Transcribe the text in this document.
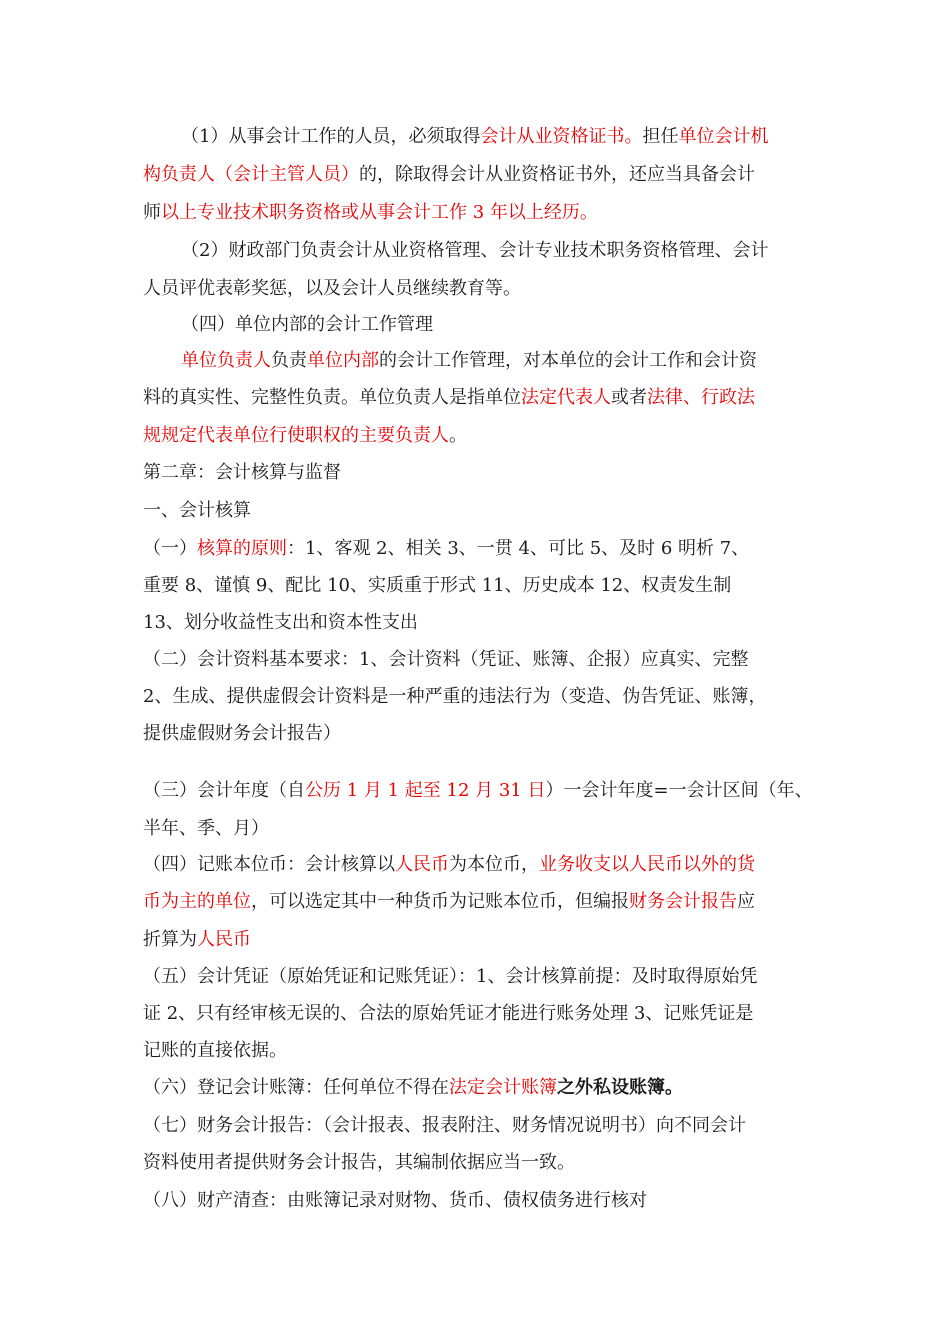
（1）从事会计工作的人员，必须取得会计从业资格证书。担任单位会计机
构负责人（会计主管人员）的，除取得会计从业资格证书外，还应当具备会计
师以上专业技术职务资格或从事会计工作 3 年以上经历。
（2）财政部门负责会计从业资格管理、会计专业技术职务资格管理、会计
人员评优表彰奖惩，以及会计人员继续教育等。
（四）单位内部的会计工作管理
单位负责人负责单位内部的会计工作管理，对本单位的会计工作和会计资
料的真实性、完整性负责。单位负责人是指单位法定代表人或者法律、行政法
规规定代表单位行使职权的主要负责人。
第二章：会计核算与监督
一、会计核算
（一）核算的原则：1、客观 2、相关 3、一贯 4、可比 5、及时 6 明析 7、
重要 8、谨慎 9、配比 10、实质重于形式 11、历史成本 12、权责发生制
13、划分收益性支出和资本性支出
（二）会计资料基本要求：1、会计资料（凭证、账簿、企报）应真实、完整
2、生成、提供虚假会计资料是一种严重的违法行为（变造、伪告凭证、账簿，
提供虚假财务会计报告）
（三）会计年度（自公历 1 月 1 起至 12 月 31 日）一会计年度=一会计区间（年、
半年、季、月）
（四）记账本位币：会计核算以人民币为本位币，业务收支以人民币以外的货
币为主的单位，可以选定其中一种货币为记账本位币，但编报财务会计报告应
折算为人民币
（五）会计凭证（原始凭证和记账凭证）：1、会计核算前提：及时取得原始凭
证 2、只有经审核无误的、合法的原始凭证才能进行账务处理 3、记账凭证是
记账的直接依据。
（六）登记会计账簿：任何单位不得在法定会计账簿之外私设账簿。
（七）财务会计报告：（会计报表、报表附注、财务情况说明书）向不同会计
资料使用者提供财务会计报告，其编制依据应当一致。
（八）财产清查：由账簿记录对财物、货币、债权债务进行核对
